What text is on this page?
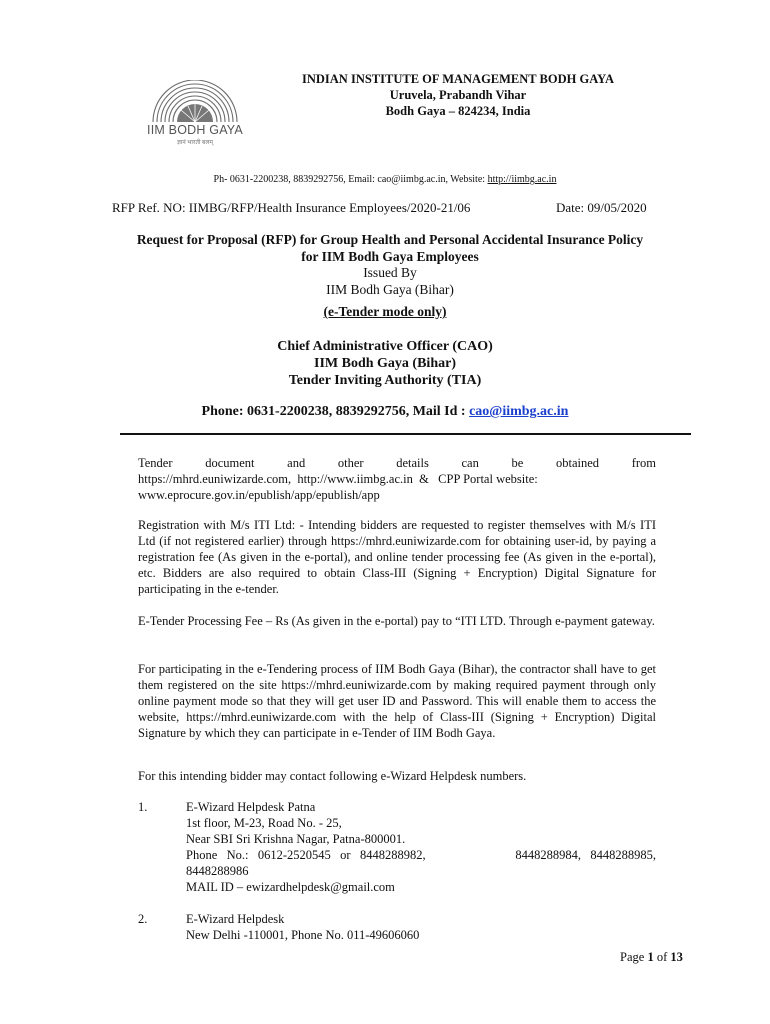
IIM BODH GAYA
ज्ञानं भारती बलम्
INDIAN INSTITUTE OF MANAGEMENT BODH GAYA
Uruvela, Prabandh Vihar
Bodh Gaya – 824234, India
Ph- 0631-2200238, 8839292756, Email: cao@iimbg.ac.in, Website: http://iimbg.ac.in
RFP Ref. NO: IIMBG/RFP/Health Insurance Employees/2020-21/06	Date: 09/05/2020
Request for Proposal (RFP) for Group Health and Personal Accidental Insurance Policy
for IIM Bodh Gaya Employees
Issued By
IIM Bodh Gaya (Bihar)
(e-Tender mode only)
Chief Administrative Officer (CAO)
IIM Bodh Gaya (Bihar)
Tender Inviting Authority (TIA)
Phone: 0631-2200238, 8839292756, Mail Id : cao@iimbg.ac.in
Tender	document	and	other	details	can	be	obtained	from
https://mhrd.euniwizarde.com,  http://www.iimbg.ac.in  &   CPP Portal website:
www.eprocure.gov.in/epublish/app/epublish/app
Registration with M/s ITI Ltd: - Intending bidders are requested to register themselves with M/s ITI Ltd (if not registered earlier) through https://mhrd.euniwizarde.com for obtaining user-id, by paying a registration fee (As given in the e-portal), and online tender processing fee (As given in the e-portal), etc. Bidders are also required to obtain Class-III (Signing + Encryption) Digital Signature for participating in the e-tender.
E-Tender Processing Fee – Rs (As given in the e-portal) pay to “ITI LTD. Through e-payment gateway.
For participating in the e-Tendering process of IIM Bodh Gaya (Bihar), the contractor shall have to get them registered on the site https://mhrd.euniwizarde.com by making required payment through only online payment mode so that they will get user ID and Password. This will enable them to access the website, https://mhrd.euniwizarde.com with the help of Class-III (Signing + Encryption) Digital Signature by which they can participate in e-Tender of IIM Bodh Gaya.
For this intending bidder may contact following e-Wizard Helpdesk numbers.
1.	E-Wizard Helpdesk Patna
1st floor, M-23, Road No. - 25,
Near SBI Sri Krishna Nagar, Patna-800001.
Phone   No.:   0612-2520545   or   8448288982,	8448288984,   8448288985,
8448288986
MAIL ID – ewizardhelpdesk@gmail.com
2.	E-Wizard Helpdesk
New Delhi -110001, Phone No. 011-49606060
Page 1 of 13
